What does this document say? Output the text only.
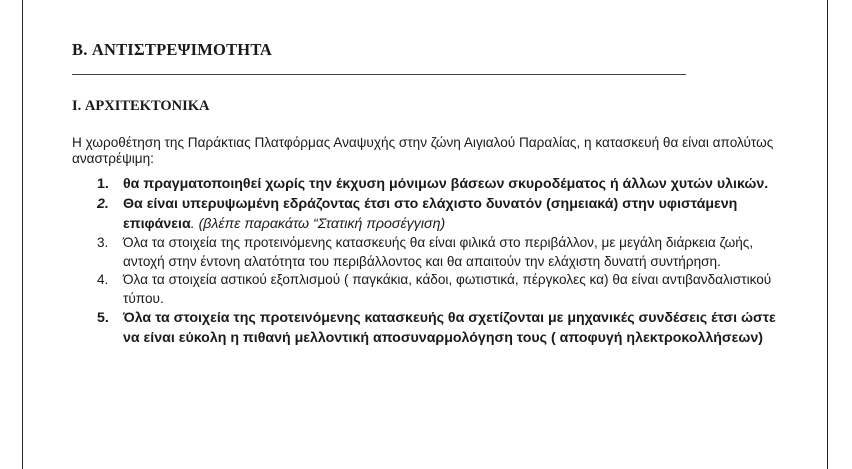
B. ΑΝΤΙΣΤΡΕΨΙΜΟΤΗΤΑ
I. ΑΡΧΙΤΕΚΤΟΝΙΚΑ

Η χωροθέτηση της Παράκτιας Πλατφόρμας Αναψυχής στην ζώνη Αιγιαλού Παραλίας, η κατασκευή θα είναι απολύτως αναστρέψιμη:

1. θα πραγματοποιηθεί χωρίς την έκχυση μόνιμων βάσεων σκυροδέματος ή άλλων χυτών υλικών.
2. Θα είναι υπερυψωμένη εδράζοντας έτσι στο ελάχιστο δυνατόν (σημειακά) στην υφιστάμενη επιφάνεια. (βλέπε παρακάτω “Στατική προσέγγιση)
3. Όλα τα στοιχεία της προτεινόμενης κατασκευής θα είναι φιλικά στο περιβάλλον, με μεγάλη διάρκεια ζωής, αντοχή στην έντονη αλατότητα του περιβάλλοντος και θα απαιτούν την ελάχιστη δυνατή συντήρηση.
4. Όλα τα στοιχεία αστικού εξοπλισμού ( παγκάκια, κάδοι, φωτιστικά, πέργκολες κα) θα είναι αντιβανδαλιστικού τύπου.
5. Όλα τα στοιχεία της προτεινόμενης κατασκευής θα σχετίζονται με μηχανικές συνδέσεις έτσι ώστε να είναι εύκολη η πιθανή μελλοντική αποσυναρμολόγηση τους ( αποφυγή ηλεκτροκολλήσεων)
